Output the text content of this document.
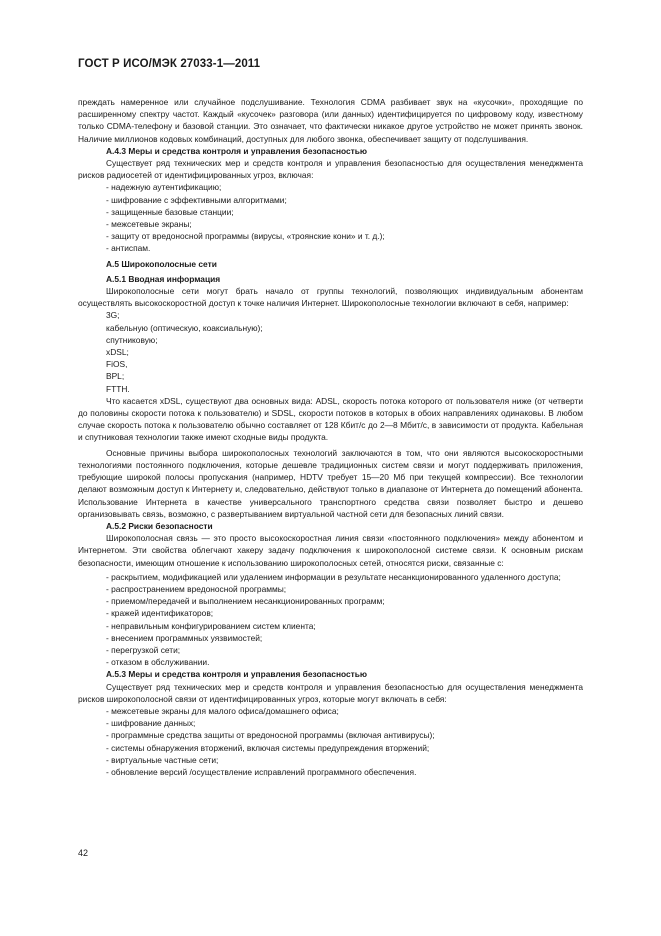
ГОСТ Р ИСО/МЭК 27033-1—2011

преждать намеренное или случайное подслушивание. Технология CDMA разбивает звук на «кусочки», проходящие по расширенному спектру частот. Каждый «кусочек» разговора (или данных) идентифицируется по цифровому коду, известному только CDMA-телефону и базовой станции. Это означает, что фактически никакое другое устройство не может принять звонок. Наличие миллионов кодовых комбинаций, доступных для любого звонка, обеспечивает защиту от подслушивания.

А.4.3 Меры и средства контроля и управления безопасностью

Существует ряд технических мер и средств контроля и управления безопасностью для осуществления менеджмента рисков радиосетей от идентифицированных угроз, включая:

- надежную аутентификацию;

- шифрование с эффективными алгоритмами;

- защищенные базовые станции;

- межсетевые экраны;

- защиту от вредоносной программы (вирусы, «троянские кони» и т. д.);

- антиспам.

А.5 Широкополосные сети

А.5.1 Вводная информация

Широкополосные сети могут брать начало от группы технологий, позволяющих индивидуальным абонентам осуществлять высокоскоростной доступ к точке наличия Интернет. Широкополосные технологии включают в себя, например:

3G;

кабельную (оптическую, коаксиальную);

спутниковую;

xDSL;

FiOS,

BPL;

FTTH.

Что касается xDSL, существуют два основных вида: ADSL, скорость потока которого от пользователя ниже (от четверти до половины скорости потока к пользователю) и SDSL, скорости потоков в которых в обоих направлениях одинаковы. В любом случае скорость потока к пользователю обычно составляет от 128 Кбит/с до 2—8 Мбит/с, в зависимости от продукта. Кабельная и спутниковая технологии также имеют сходные виды продукта.

Основные причины выбора широкополосных технологий заключаются в том, что они являются высокоскоростными технологиями постоянного подключения, которые дешевле традиционных систем связи и могут поддерживать приложения, требующие широкой полосы пропускания (например, HDTV требует 15—20 Мб при текущей компрессии). Все технологии делают возможным доступ к Интернету и, следовательно, действуют только в диапазоне от Интернета до помещений абонента. Использование Интернета в качестве универсального транспортного средства связи позволяет быстро и дешево организовывать связь, возможно, с развертыванием виртуальной частной сети для безопасных линий связи.

А.5.2 Риски безопасности

Широкополосная связь — это просто высокоскоростная линия связи «постоянного подключения» между абонентом и Интернетом. Эти свойства облегчают хакеру задачу подключения к широкополосной системе связи. К основным рискам безопасности, имеющим отношение к использованию широкополосных сетей, относятся риски, связанные с:

- раскрытием, модификацией или удалением информации в результате несанкционированного удаленного доступа;

- распространением вредоносной программы;

- приемом/передачей и выполнением несанкционированных программ;

- кражей идентификаторов;

- неправильным конфигурированием систем клиента;

- внесением программных уязвимостей;

- перегрузкой сети;

- отказом в обслуживании.

А.5.3 Меры и средства контроля и управления безопасностью

Существует ряд технических мер и средств контроля и управления безопасностью для осуществления менеджмента рисков широкополосной связи от идентифицированных угроз, которые могут включать в себя:

- межсетевые экраны для малого офиса/домашнего офиса;

- шифрование данных;

- программные средства защиты от вредоносной программы (включая антивирусы);

- системы обнаружения вторжений, включая системы предупреждения вторжений;

- виртуальные частные сети;

- обновление версий /осуществление исправлений программного обеспечения.

42
